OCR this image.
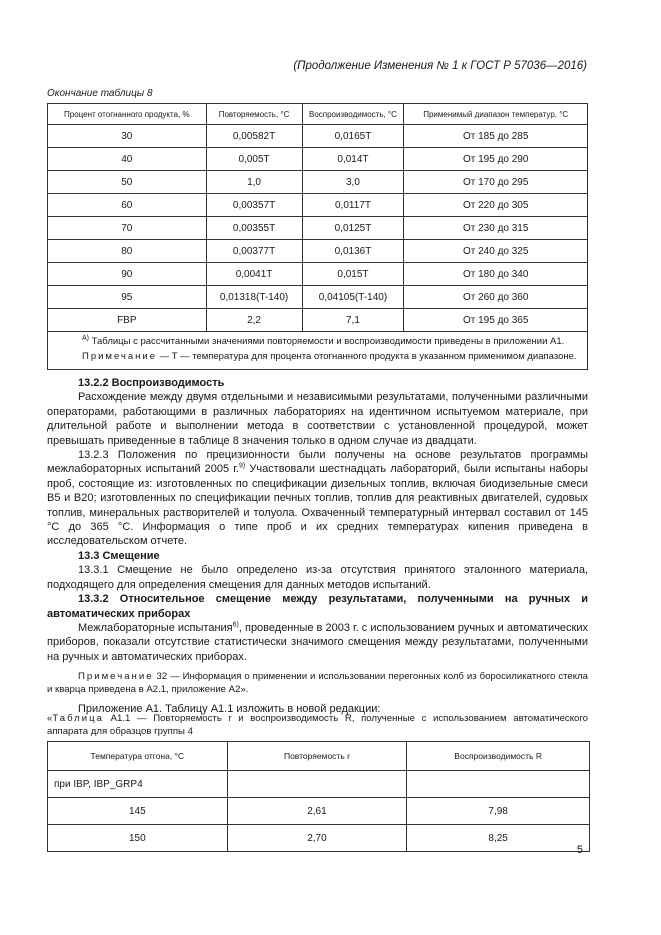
(Продолжение Изменения № 1 к ГОСТ Р 57036—2016)
Окончание таблицы 8
Процент отогнанного продукта, %	Повторяемость, °C	Воспроизводимость, °C	Применимый диапазон температур, °C
30	0,00582T	0,0165T	От 185 до 285
40	0,005T	0,014T	От 195 до 290
50	1,0	3,0	От 170 до 295
60	0,00357T	0,0117T	От 220 до 305
70	0,00355T	0,0125T	От 230 до 315
80	0,00377T	0,0136T	От 240 до 325
90	0,0041T	0,015T	От 180 до 340
95	0,01318(T-140)	0,04105(T-140)	От 260 до 360
FBP	2,2	7,1	От 195 до 365

$^{A)}$ Таблицы с рассчитанными значениями повторяемости и воспроизводимости приведены в приложении А1.
Примечание — T — температура для процента отогнанного продукта в указанном применимом диапазоне.			

13.2.2 Воспроизводимость

Расхождение между двумя отдельными и независимыми результатами, полученными различными операторами, работающими в различных лабораториях на идентичном испытуемом материале, при длительной работе и выполнении метода в соответствии с установленной процедурой, может превышать приведенные в таблице 8 значения только в одном случае из двадцати.

13.2.3 Положения по прецизионности были получены на основе результатов программы межлабораторных испытаний 2005 г.$^{9)}$ Участвовали шестнадцать лабораторий, были испытаны наборы проб, состоящие из: изготовленных по спецификации дизельных топлив, включая биодизельные смеси B5 и B20; изготовленных по спецификации печных топлив, топлив для реактивных двигателей, судовых топлив, минеральных растворителей и толуола. Охваченный температурный интервал составил от 145 °C до 365 °C. Информация о типе проб и их средних температурах кипения приведена в исследовательском отчете.

13.3 Смещение

13.3.1 Смещение не было определено из-за отсутствия принятого эталонного материала, подходящего для определения смещения для данных методов испытаний.

13.3.2 Относительное смещение между результатами, полученными на ручных и автоматических приборах

Межлабораторные испытания$^{6)}$, проведенные в 2003 г. с использованием ручных и автоматических приборов, показали отсутствие статистически значимого смещения между результатами, полученными на ручных и автоматических приборах.

Примечание 32 — Информация о применении и использовании перегонных колб из боросиликатного стекла и кварца приведена в А2.1, приложение А2».

Приложение А1. Таблицу А1.1 изложить в новой редакции:

«Таблица А1.1 — Повторяемость r и воспроизводимость R, полученные с использованием автоматического аппарата для образцов группы 4

Температура отгона, °C	Повторяемость r	Воспроизводимость R
при IBP, IBP_GRP4		
145	2,61	7,98
150	2,70	8,25
5
